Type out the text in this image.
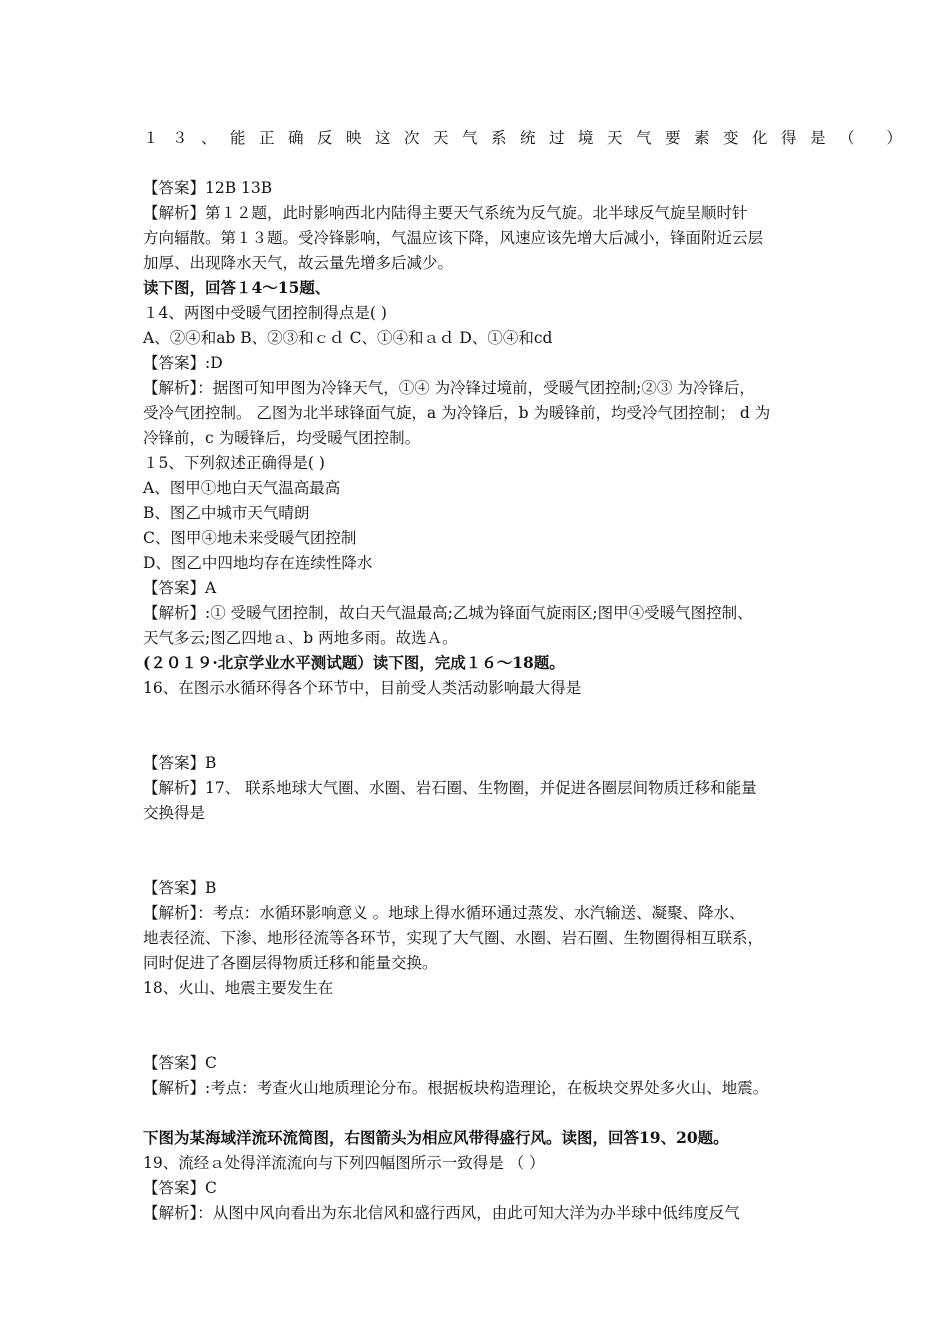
１３、能正确反映这次天气系统过境天气要素变化得是（ ）
【答案】12B 13B
【解析】第１２题，此时影响西北内陆得主要天气系统为反气旋。北半球反气旋呈顺时针
方向辐散。第１３题。受冷锋影响，气温应该下降，风速应该先增大后减小，锋面附近云层
加厚、出现降水天气，故云量先增多后减少。
读下图，回答１4～15题、
１4、两图中受暖气团控制得点是( )
A、②④和ab B、②③和ｃｄ C、①④和ａｄ D、①④和cd
【答案】:D
【解析】：据图可知甲图为冷锋天气，①④ 为冷锋过境前，受暖气团控制;②③ 为冷锋后，
受冷气团控制。 乙图为北半球锋面气旋，a 为冷锋后，b 为暖锋前，均受冷气团控制； d 为
冷锋前，c 为暖锋后，均受暖气团控制。
１5、下列叙述正确得是( )
A、图甲①地白天气温高最高
B、图乙中城市天气晴朗
C、图甲④地未来受暖气团控制
D、图乙中四地均存在连续性降水
【答案】A
【解析】:① 受暖气团控制，故白天气温最高;乙城为锋面气旋雨区;图甲④受暖气图控制、
天气多云;图乙四地ａ、b 两地多雨。故选Ａ。
(２０１９·北京学业水平测试题）读下图，完成１６～18题。
16、在图示水循环得各个环节中，目前受人类活动影响最大得是
【答案】B
【解析】17、 联系地球大气圈、水圈、岩石圈、生物圈，并促进各圈层间物质迁移和能量
交换得是
【答案】B
【解析】：考点：水循环影响意义 。地球上得水循环通过蒸发、水汽输送、凝聚、降水、
地表径流、下渗、地形径流等各环节，实现了大气圈、水圈、岩石圈、生物圈得相互联系，
同时促进了各圈层得物质迁移和能量交换。
18、火山、地震主要发生在
【答案】C
【解析】:考点：考查火山地质理论分布。根据板块构造理论，在板块交界处多火山、地震。
下图为某海域洋流环流简图，右图箭头为相应风带得盛行风。读图，回答19、20题。
19、流经ａ处得洋流流向与下列四幅图所示一致得是 （ ）
【答案】C
【解析】：从图中风向看出为东北信风和盛行西风，由此可知大洋为办半球中低纬度反气
